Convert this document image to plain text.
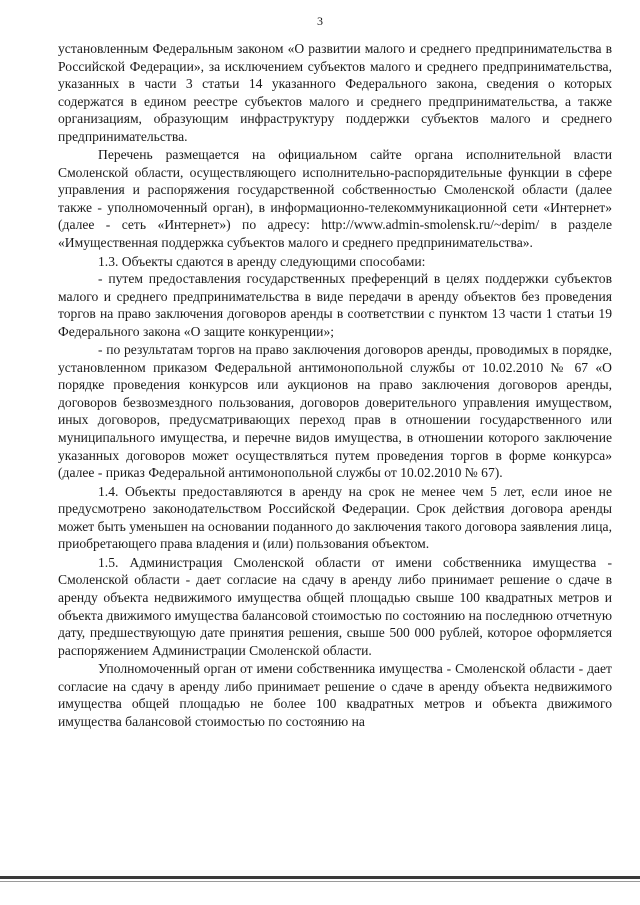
3

установленным Федеральным законом «О развитии малого и среднего предпринимательства в Российской Федерации», за исключением субъектов малого и среднего предпринимательства, указанных в части 3 статьи 14 указанного Федерального закона, сведения о которых содержатся в едином реестре субъектов малого и среднего предпринимательства, а также организациям, образующим инфраструктуру поддержки субъектов малого и среднего предпринимательства.

Перечень размещается на официальном сайте органа исполнительной власти Смоленской области, осуществляющего исполнительно-распорядительные функции в сфере управления и распоряжения государственной собственностью Смоленской области (далее также - уполномоченный орган), в информационно-телекоммуникационной сети «Интернет» (далее - сеть «Интернет») по адресу: http://www.admin-smolensk.ru/~depim/ в разделе «Имущественная поддержка субъектов малого и среднего предпринимательства».

1.3. Объекты сдаются в аренду следующими способами:

- путем предоставления государственных преференций в целях поддержки субъектов малого и среднего предпринимательства в виде передачи в аренду объектов без проведения торгов на право заключения договоров аренды в соответствии с пунктом 13 части 1 статьи 19 Федерального закона «О защите конкуренции»;

- по результатам торгов на право заключения договоров аренды, проводимых в порядке, установленном приказом Федеральной антимонопольной службы от 10.02.2010 № 67 «О порядке проведения конкурсов или аукционов на право заключения договоров аренды, договоров безвозмездного пользования, договоров доверительного управления имуществом, иных договоров, предусматривающих переход прав в отношении государственного или муниципального имущества, и перечне видов имущества, в отношении которого заключение указанных договоров может осуществляться путем проведения торгов в форме конкурса» (далее - приказ Федеральной антимонопольной службы от 10.02.2010 № 67).

1.4. Объекты предоставляются в аренду на срок не менее чем 5 лет, если иное не предусмотрено законодательством Российской Федерации. Срок действия договора аренды может быть уменьшен на основании поданного до заключения такого договора заявления лица, приобретающего права владения и (или) пользования объектом.

1.5. Администрация Смоленской области от имени собственника имущества - Смоленской области - дает согласие на сдачу в аренду либо принимает решение о сдаче в аренду объекта недвижимого имущества общей площадью свыше 100 квадратных метров и объекта движимого имущества балансовой стоимостью по состоянию на последнюю отчетную дату, предшествующую дате принятия решения, свыше 500 000 рублей, которое оформляется распоряжением Администрации Смоленской области.

Уполномоченный орган от имени собственника имущества - Смоленской области - дает согласие на сдачу в аренду либо принимает решение о сдаче в аренду объекта недвижимого имущества общей площадью не более 100 квадратных метров и объекта движимого имущества балансовой стоимостью по состоянию на
